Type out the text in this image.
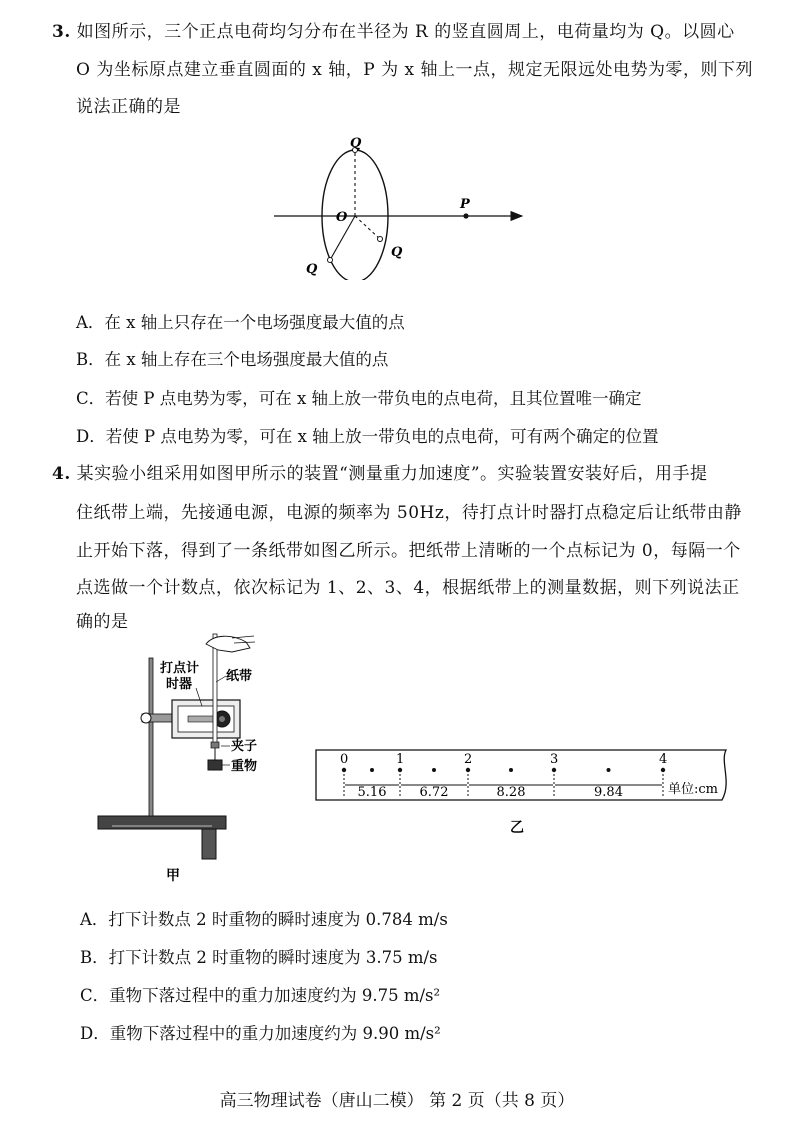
3. 如图所示，三个正点电荷均匀分布在半径为 R 的竖直圆周上，电荷量均为 Q。以圆心
O 为坐标原点建立垂直圆面的 x 轴，P 为 x 轴上一点，规定无限远处电势为零，则下列
说法正确的是
Q
O
P
Q
Q
A．在 x 轴上只存在一个电场强度最大值的点
B．在 x 轴上存在三个电场强度最大值的点
C．若使 P 点电势为零，可在 x 轴上放一带负电的点电荷，且其位置唯一确定
D．若使 P 点电势为零，可在 x 轴上放一带负电的点电荷，可有两个确定的位置
4. 某实验小组采用如图甲所示的装置“测量重力加速度”。实验装置安装好后，用手提
住纸带上端，先接通电源，电源的频率为 50Hz，待打点计时器打点稳定后让纸带由静
止开始下落，得到了一条纸带如图乙所示。把纸带上清晰的一个点标记为 0，每隔一个
点选做一个计数点，依次标记为 1、2、3、4，根据纸带上的测量数据，则下列说法正
确的是
打点计
时器
纸带
夹子
重物
甲
0	1	2	3	4
5.16	6.72	8.28	9.84	单位:cm
乙
A．打下计数点 2 时重物的瞬时速度为 0.784 m/s
B．打下计数点 2 时重物的瞬时速度为 3.75 m/s
C．重物下落过程中的重力加速度约为 9.75 m/s²
D．重物下落过程中的重力加速度约为 9.90 m/s²
高三物理试卷（唐山二模） 第 2 页（共 8 页）
